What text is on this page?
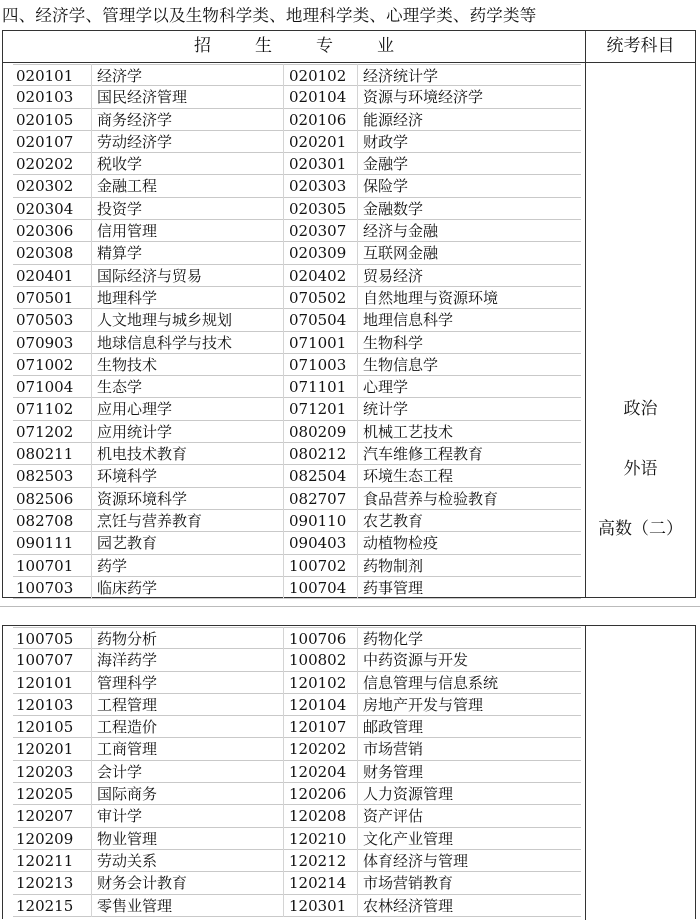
四、经济学、管理学以及生物科学类、地理科学类、心理学类、药学类等
招生专业	统考科目
020101 经济学	020102 经济统计学
020103 国民经济管理	020104 资源与环境经济学
020105 商务经济学	020106 能源经济
020107 劳动经济学	020201 财政学
020202 税收学	020301 金融学
020302 金融工程	020303 保险学
020304 投资学	020305 金融数学
020306 信用管理	020307 经济与金融
020308 精算学	020309 互联网金融
020401 国际经济与贸易	020402 贸易经济
070501 地理科学	070502 自然地理与资源环境
070503 人文地理与城乡规划	070504 地理信息科学
070903 地球信息科学与技术	071001 生物科学
071002 生物技术	071003 生物信息学
071004 生态学	071101 心理学
071102 应用心理学	071201 统计学
071202 应用统计学	080209 机械工艺技术
080211 机电技术教育	080212 汽车维修工程教育
082503 环境科学	082504 环境生态工程
082506 资源环境科学	082707 食品营养与检验教育
082708 烹饪与营养教育	090110 农艺教育
090111 园艺教育	090403 动植物检疫
100701 药学	100702 药物制剂
100703 临床药学	100704 药事管理
政治
外语
高数（二）
100705 药物分析	100706 药物化学
100707 海洋药学	100802 中药资源与开发
120101 管理科学	120102 信息管理与信息系统
120103 工程管理	120104 房地产开发与管理
120105 工程造价	120107 邮政管理
120201 工商管理	120202 市场营销
120203 会计学	120204 财务管理
120205 国际商务	120206 人力资源管理
120207 审计学	120208 资产评估
120209 物业管理	120210 文化产业管理
120211 劳动关系	120212 体育经济与管理
120213 财务会计教育	120214 市场营销教育
120215 零售业管理	120301 农林经济管理
